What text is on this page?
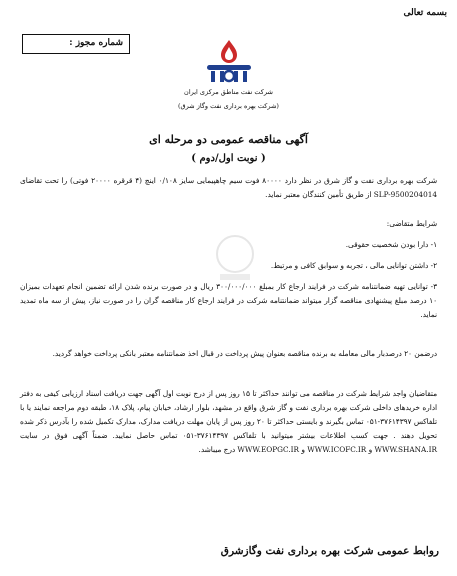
بسمه تعالی
شماره مجوز :
شرکت نفت مناطق مرکزی ایران
(شرکت بهره برداری نفت وگاز شرق)
آگهی مناقصه عمومی دو مرحله ای
( نوبت اول/دوم )

شرکت بهره برداری نفت و گاز شرق در نظر دارد ۸۰۰۰۰ فوت سیم چاهپیمایی سایز ۰/۱۰۸ اینچ (۴ قرقره ۲۰۰۰۰ فوتی) را تحت تقاضای SLP-9500204014 از طریق تأمین کنندگان معتبر نماید.

شرایط متقاضی:

۱- دارا بودن شخصیت حقوقی.

۲- داشتن توانایی مالی ، تجربه و سوابق کافی و مرتبط.

۳- توانایی تهیه ضمانتنامه شرکت در فرایند ارجاع کار بمبلغ ۳۰۰/۰۰۰/۰۰۰ ریال و در صورت برنده شدن ارائه تضمین انجام تعهدات بمیزان ۱۰ درصد مبلغ پیشنهادی مناقصه گزار میتواند ضمانتنامه شرکت در فرایند ارجاع کار مناقصه گران را در صورت نیاز، پیش از سه ماه تمدید نماید.

درضمن ۲۰ درصدبار مالی معامله به برنده مناقصه بعنوان پیش پرداخت در قبال اخذ ضمانتنامه معتبر بانکی پرداخت خواهد گردید.

متقاضیان واجد شرایط شرکت در مناقصه می توانند حداکثر تا ۱۵ روز پس از درج نوبت اول آگهی جهت دریافت اسناد ارزیابی کیفی به دفتر اداره خریدهای داخلی شرکت بهره برداری نفت و گاز شرق واقع در مشهد، بلوار ارشاد، خیابان پیام، پلاک ۱۸، طبقه دوم مراجعه نمایند یا با تلفاکس ۳۷۶۱۴۳۹۷-۰۵۱ تماس بگیرند و بایستی حداکثر تا ۲۰ روز پس از پایان مهلت دریافت مدارک، مدارک تکمیل شده را بآدرس ذکر شده تحویل دهند . جهت کسب اطلاعات بیشتر میتوانید با تلفاکس ۳۷۶۱۴۳۹۷-۰۵۱ تماس حاصل نمایید. ضمناً آگهی فوق در سایت WWW.SHANA.IR و WWW.ICOFC.IR و WWW.EOPGC.IR درج میباشد.

روابط عمومی شرکت بهره برداری نفت وگازشرق
